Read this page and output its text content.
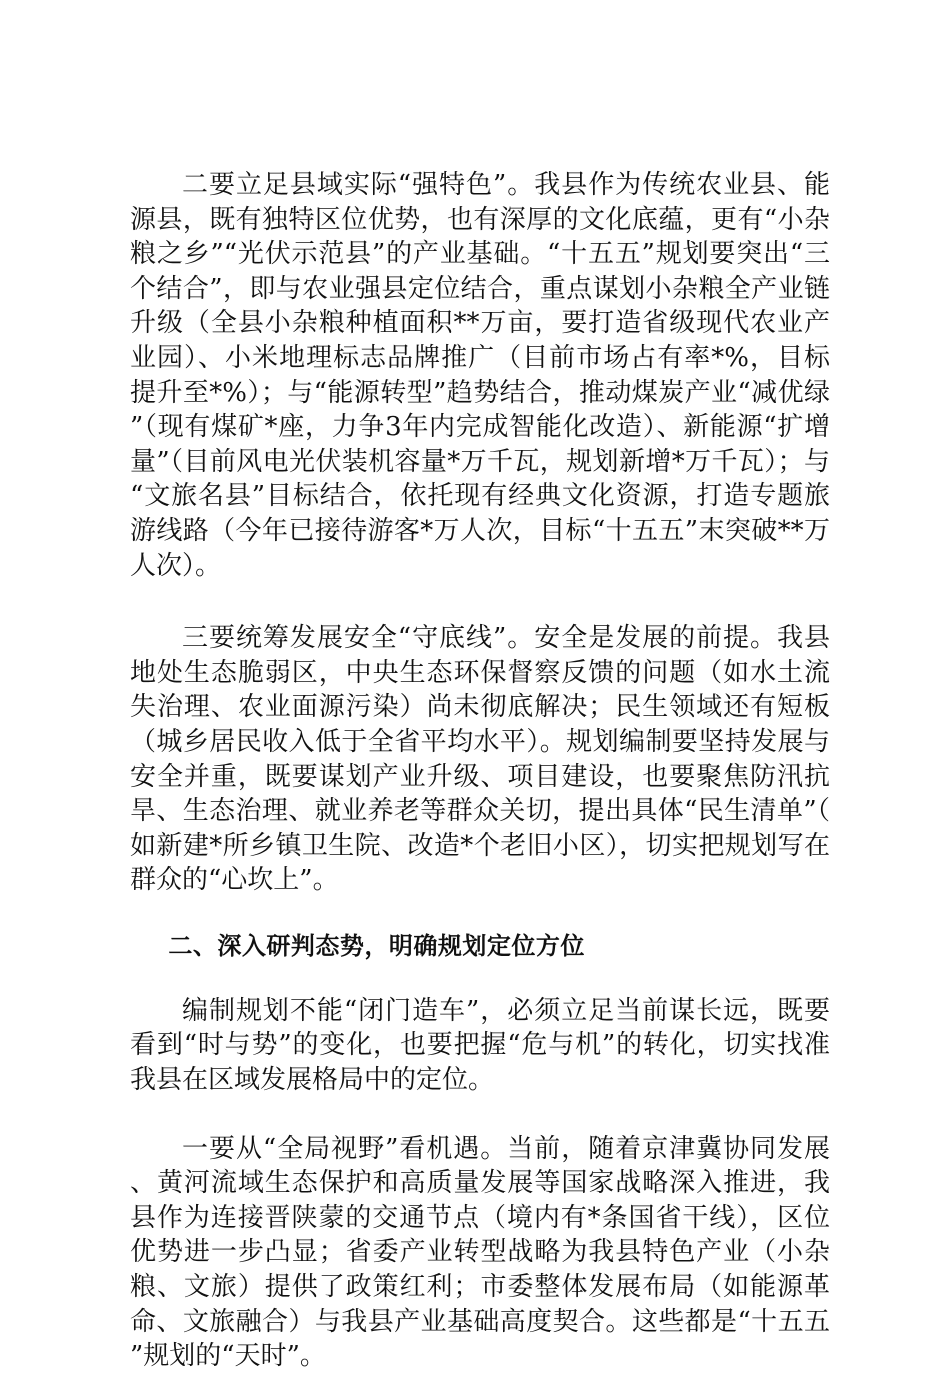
二要立足县域实际“强特色”。我县作为传统农业县、能源县，既有独特区位优势，也有深厚的文化底蕴，更有“小杂粮之乡”“光伏示范县”的产业基础。“十五五”规划要突出“三个结合”，即与农业强县定位结合，重点谋划小杂粮全产业链升级（全县小杂粮种植面积**万亩，要打造省级现代农业产业园）、小米地理标志品牌推广（目前市场占有率*%，目标提升至*%）；与“能源转型”趋势结合，推动煤炭产业“减优绿”（现有煤矿*座，力争3年内完成智能化改造）、新能源“扩增量”（目前风电光伏装机容量*万千瓦，规划新增*万千瓦）；与“文旅名县”目标结合，依托现有经典文化资源，打造专题旅游线路（今年已接待游客*万人次，目标“十五五”末突破**万人次）。

三要统筹发展安全“守底线”。安全是发展的前提。我县地处生态脆弱区，中央生态环保督察反馈的问题（如水土流失治理、农业面源污染）尚未彻底解决；民生领域还有短板（城乡居民收入低于全省平均水平）。规划编制要坚持发展与安全并重，既要谋划产业升级、项目建设，也要聚焦防汛抗旱、生态治理、就业养老等群众关切，提出具体“民生清单”（如新建*所乡镇卫生院、改造*个老旧小区），切实把规划写在群众的“心坎上”。

二、深入研判态势，明确规划定位方位

编制规划不能“闭门造车”，必须立足当前谋长远，既要看到“时与势”的变化，也要把握“危与机”的转化，切实找准我县在区域发展格局中的定位。

一要从“全局视野”看机遇。当前，随着京津冀协同发展、黄河流域生态保护和高质量发展等国家战略深入推进，我县作为连接晋陕蒙的交通节点（境内有*条国省干线），区位优势进一步凸显；省委产业转型战略为我县特色产业（小杂粮、文旅）提供了政策红利；市委整体发展布局（如能源革命、文旅融合）与我县产业基础高度契合。这些都是“十五五”规划的“天时”。
